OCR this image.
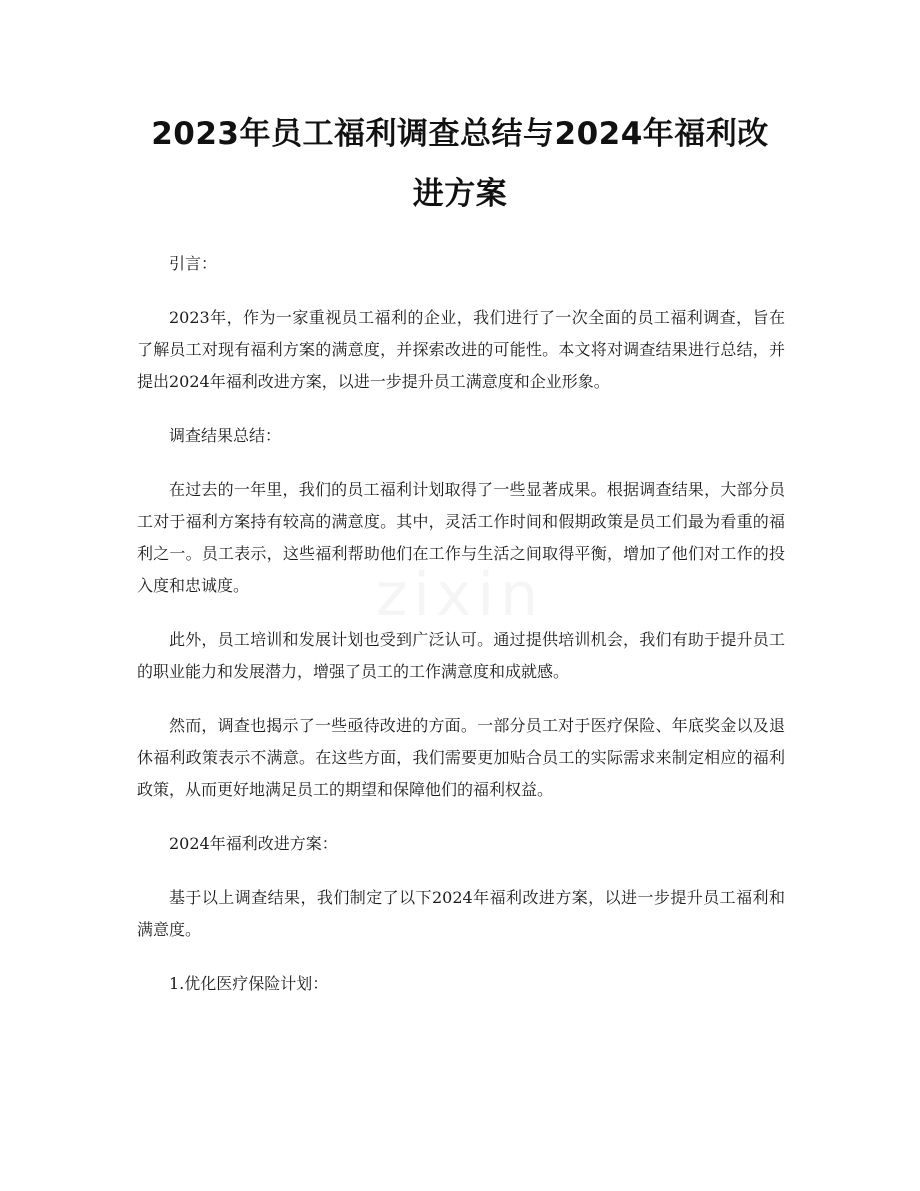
2023年员工福利调查总结与2024年福利改
进方案

引言：

2023年，作为一家重视员工福利的企业，我们进行了一次全面的员工福利调查，旨在了解员工对现有福利方案的满意度，并探索改进的可能性。本文将对调查结果进行总结，并提出2024年福利改进方案，以进一步提升员工满意度和企业形象。

调查结果总结：

在过去的一年里，我们的员工福利计划取得了一些显著成果。根据调查结果，大部分员工对于福利方案持有较高的满意度。其中，灵活工作时间和假期政策是员工们最为看重的福利之一。员工表示，这些福利帮助他们在工作与生活之间取得平衡，增加了他们对工作的投入度和忠诚度。

此外，员工培训和发展计划也受到广泛认可。通过提供培训机会，我们有助于提升员工的职业能力和发展潜力，增强了员工的工作满意度和成就感。

然而，调查也揭示了一些亟待改进的方面。一部分员工对于医疗保险、年底奖金以及退休福利政策表示不满意。在这些方面，我们需要更加贴合员工的实际需求来制定相应的福利政策，从而更好地满足员工的期望和保障他们的福利权益。

2024年福利改进方案：

基于以上调查结果，我们制定了以下2024年福利改进方案，以进一步提升员工福利和满意度。

1.优化医疗保险计划：

zixin
